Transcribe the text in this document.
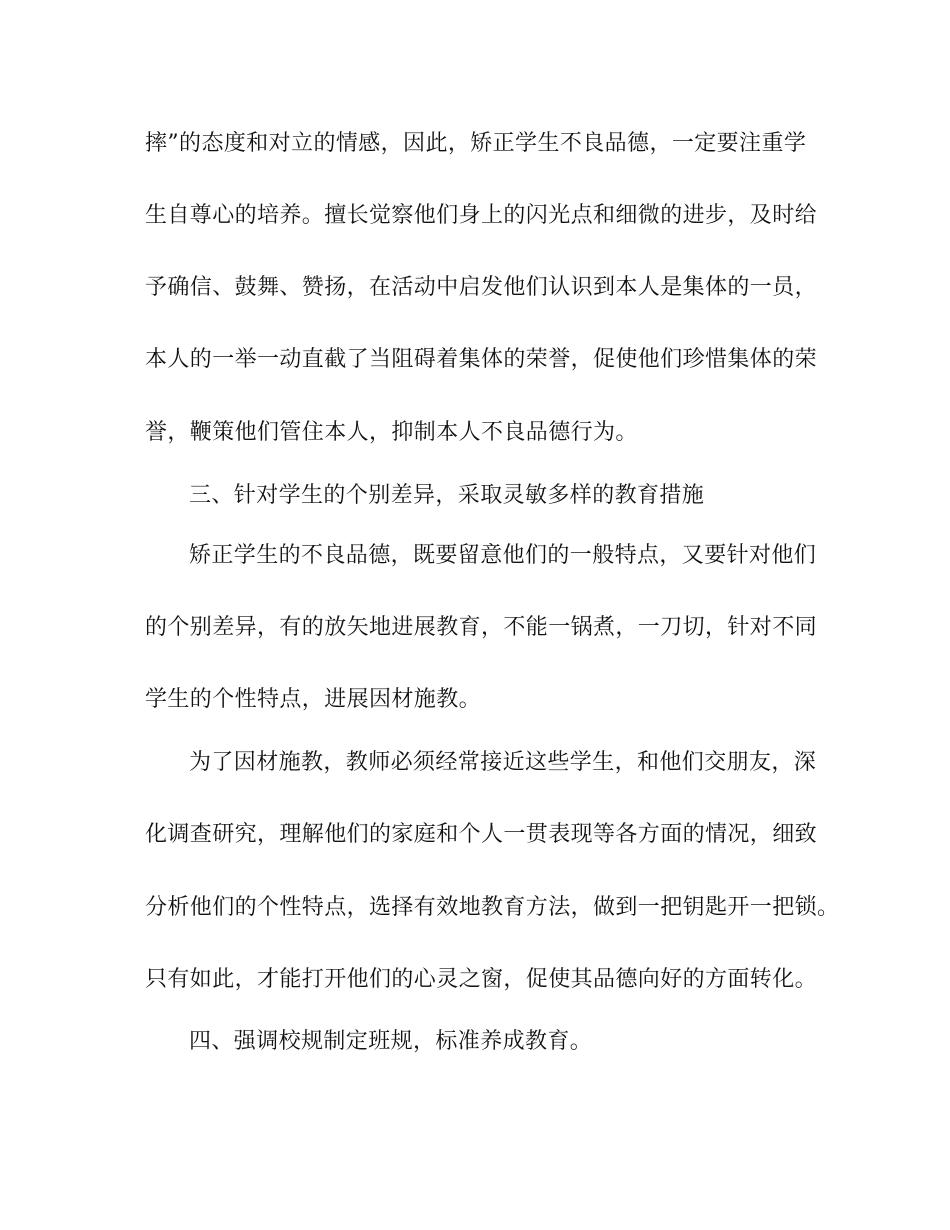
摔”的态度和对立的情感，因此，矫正学生不良品德，一定要注重学
生自尊心的培养。擅长觉察他们身上的闪光点和细微的进步，及时给
予确信、鼓舞、赞扬，在活动中启发他们认识到本人是集体的一员，
本人的一举一动直截了当阻碍着集体的荣誉，促使他们珍惜集体的荣
誉，鞭策他们管住本人，抑制本人不良品德行为。
三、针对学生的个别差异，采取灵敏多样的教育措施
矫正学生的不良品德，既要留意他们的一般特点，又要针对他们
的个别差异，有的放矢地进展教育，不能一锅煮，一刀切，针对不同
学生的个性特点，进展因材施教。
为了因材施教，教师必须经常接近这些学生，和他们交朋友，深
化调查研究，理解他们的家庭和个人一贯表现等各方面的情况，细致
分析他们的个性特点，选择有效地教育方法，做到一把钥匙开一把锁。
只有如此，才能打开他们的心灵之窗，促使其品德向好的方面转化。
四、强调校规制定班规，标准养成教育。
